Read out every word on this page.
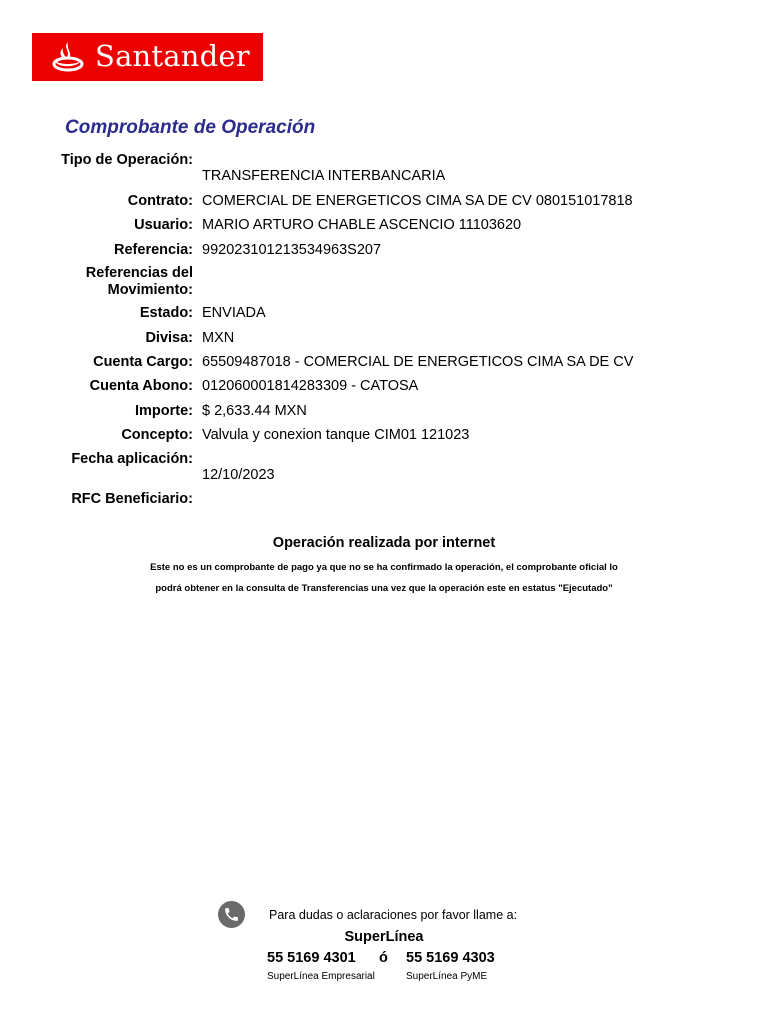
Santander
Comprobante de Operación
Tipo de Operación:
TRANSFERENCIA INTERBANCARIA
Contrato: COMERCIAL DE ENERGETICOS CIMA SA DE CV 080151017818
Usuario: MARIO ARTURO CHABLE ASCENCIO 11103620
Referencia: 992023101213534963S207
Referencias del Movimiento:
Estado: ENVIADA
Divisa: MXN
Cuenta Cargo: 65509487018 - COMERCIAL DE ENERGETICOS CIMA SA DE CV
Cuenta Abono: 012060001814283309 - CATOSA
Importe: $ 2,633.44 MXN
Concepto: Valvula y conexion tanque CIM01 121023
Fecha aplicación:
12/10/2023
RFC Beneficiario:
Operación realizada por internet
Este no es un comprobante de pago ya que no se ha confirmado la operación, el comprobante oficial lo podrá obtener en la consulta de Transferencias una vez que la operación este en estatus "Ejecutado"
Para dudas o aclaraciones por favor llame a:
SuperLínea
55 5169 4301 ó 55 5169 4303
SuperLínea Empresarial	SuperLínea PyME
